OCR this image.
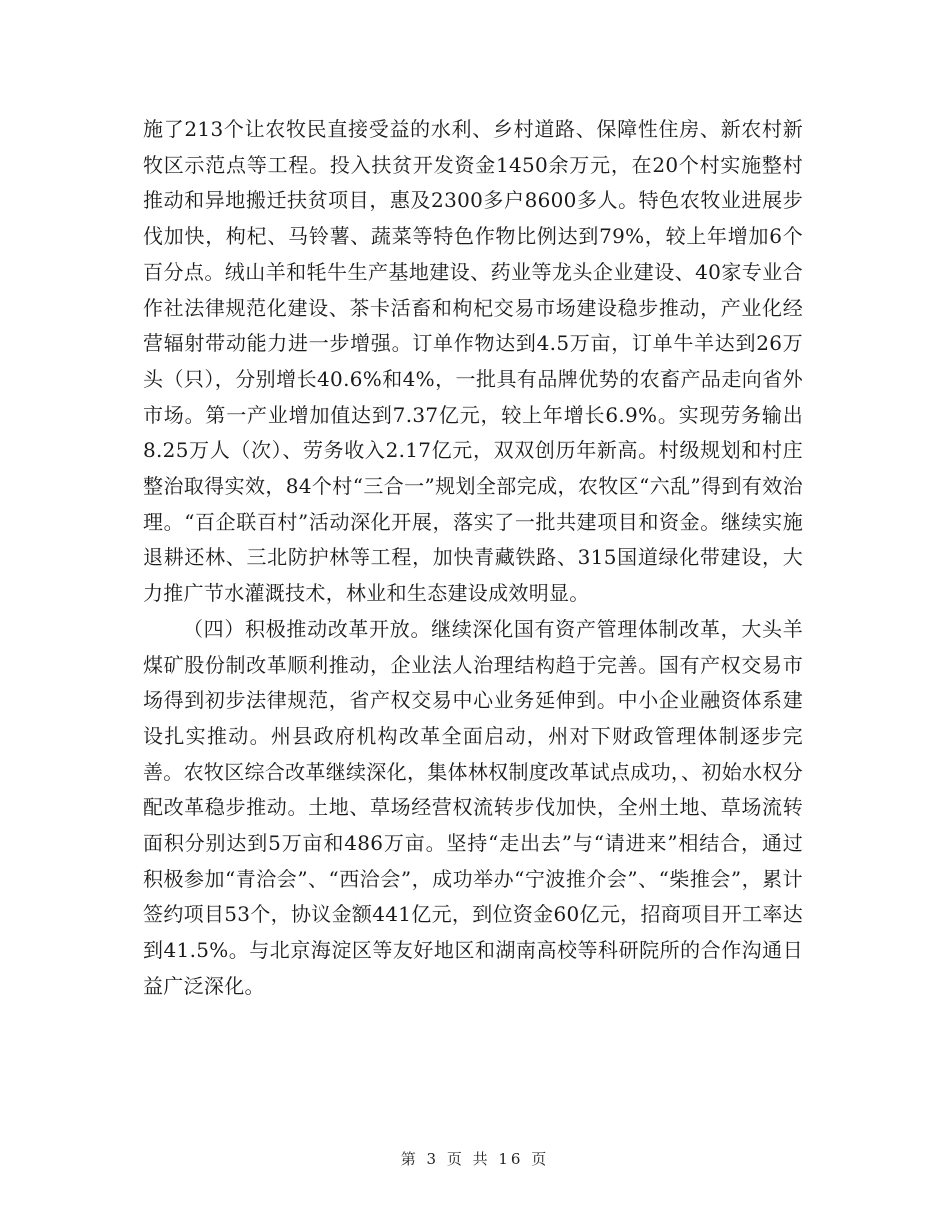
施了213个让农牧民直接受益的水利、乡村道路、保障性住房、新农村新牧区示范点等工程。投入扶贫开发资金1450余万元，在20个村实施整村推动和异地搬迁扶贫项目，惠及2300多户8600多人。特色农牧业进展步伐加快，枸杞、马铃薯、蔬菜等特色作物比例达到79%，较上年增加6个百分点。绒山羊和牦牛生产基地建设、药业等龙头企业建设、40家专业合作社法律规范化建设、茶卡活畜和枸杞交易市场建设稳步推动，产业化经营辐射带动能力进一步增强。订单作物达到4.5万亩，订单牛羊达到26万头（只），分别增长40.6%和4%，一批具有品牌优势的农畜产品走向省外市场。第一产业增加值达到7.37亿元，较上年增长6.9%。实现劳务输出8.25万人（次）、劳务收入2.17亿元，双双创历年新高。村级规划和村庄整治取得实效，84个村“三合一”规划全部完成，农牧区“六乱”得到有效治理。“百企联百村”活动深化开展，落实了一批共建项目和资金。继续实施退耕还林、三北防护林等工程，加快青藏铁路、315国道绿化带建设，大力推广节水灌溉技术，林业和生态建设成效明显。

（四）积极推动改革开放。继续深化国有资产管理体制改革，大头羊煤矿股份制改革顺利推动，企业法人治理结构趋于完善。国有产权交易市场得到初步法律规范，省产权交易中心业务延伸到。中小企业融资体系建设扎实推动。州县政府机构改革全面启动，州对下财政管理体制逐步完善。农牧区综合改革继续深化，集体林权制度改革试点成功，、初始水权分配改革稳步推动。土地、草场经营权流转步伐加快，全州土地、草场流转面积分别达到5万亩和486万亩。坚持“走出去”与“请进来”相结合，通过积极参加“青洽会”、“西洽会”，成功举办“宁波推介会”、“柴推会”，累计签约项目53个，协议金额441亿元，到位资金60亿元，招商项目开工率达到41.5%。与北京海淀区等友好地区和湖南高校等科研院所的合作沟通日益广泛深化。

第 3 页 共 16 页
